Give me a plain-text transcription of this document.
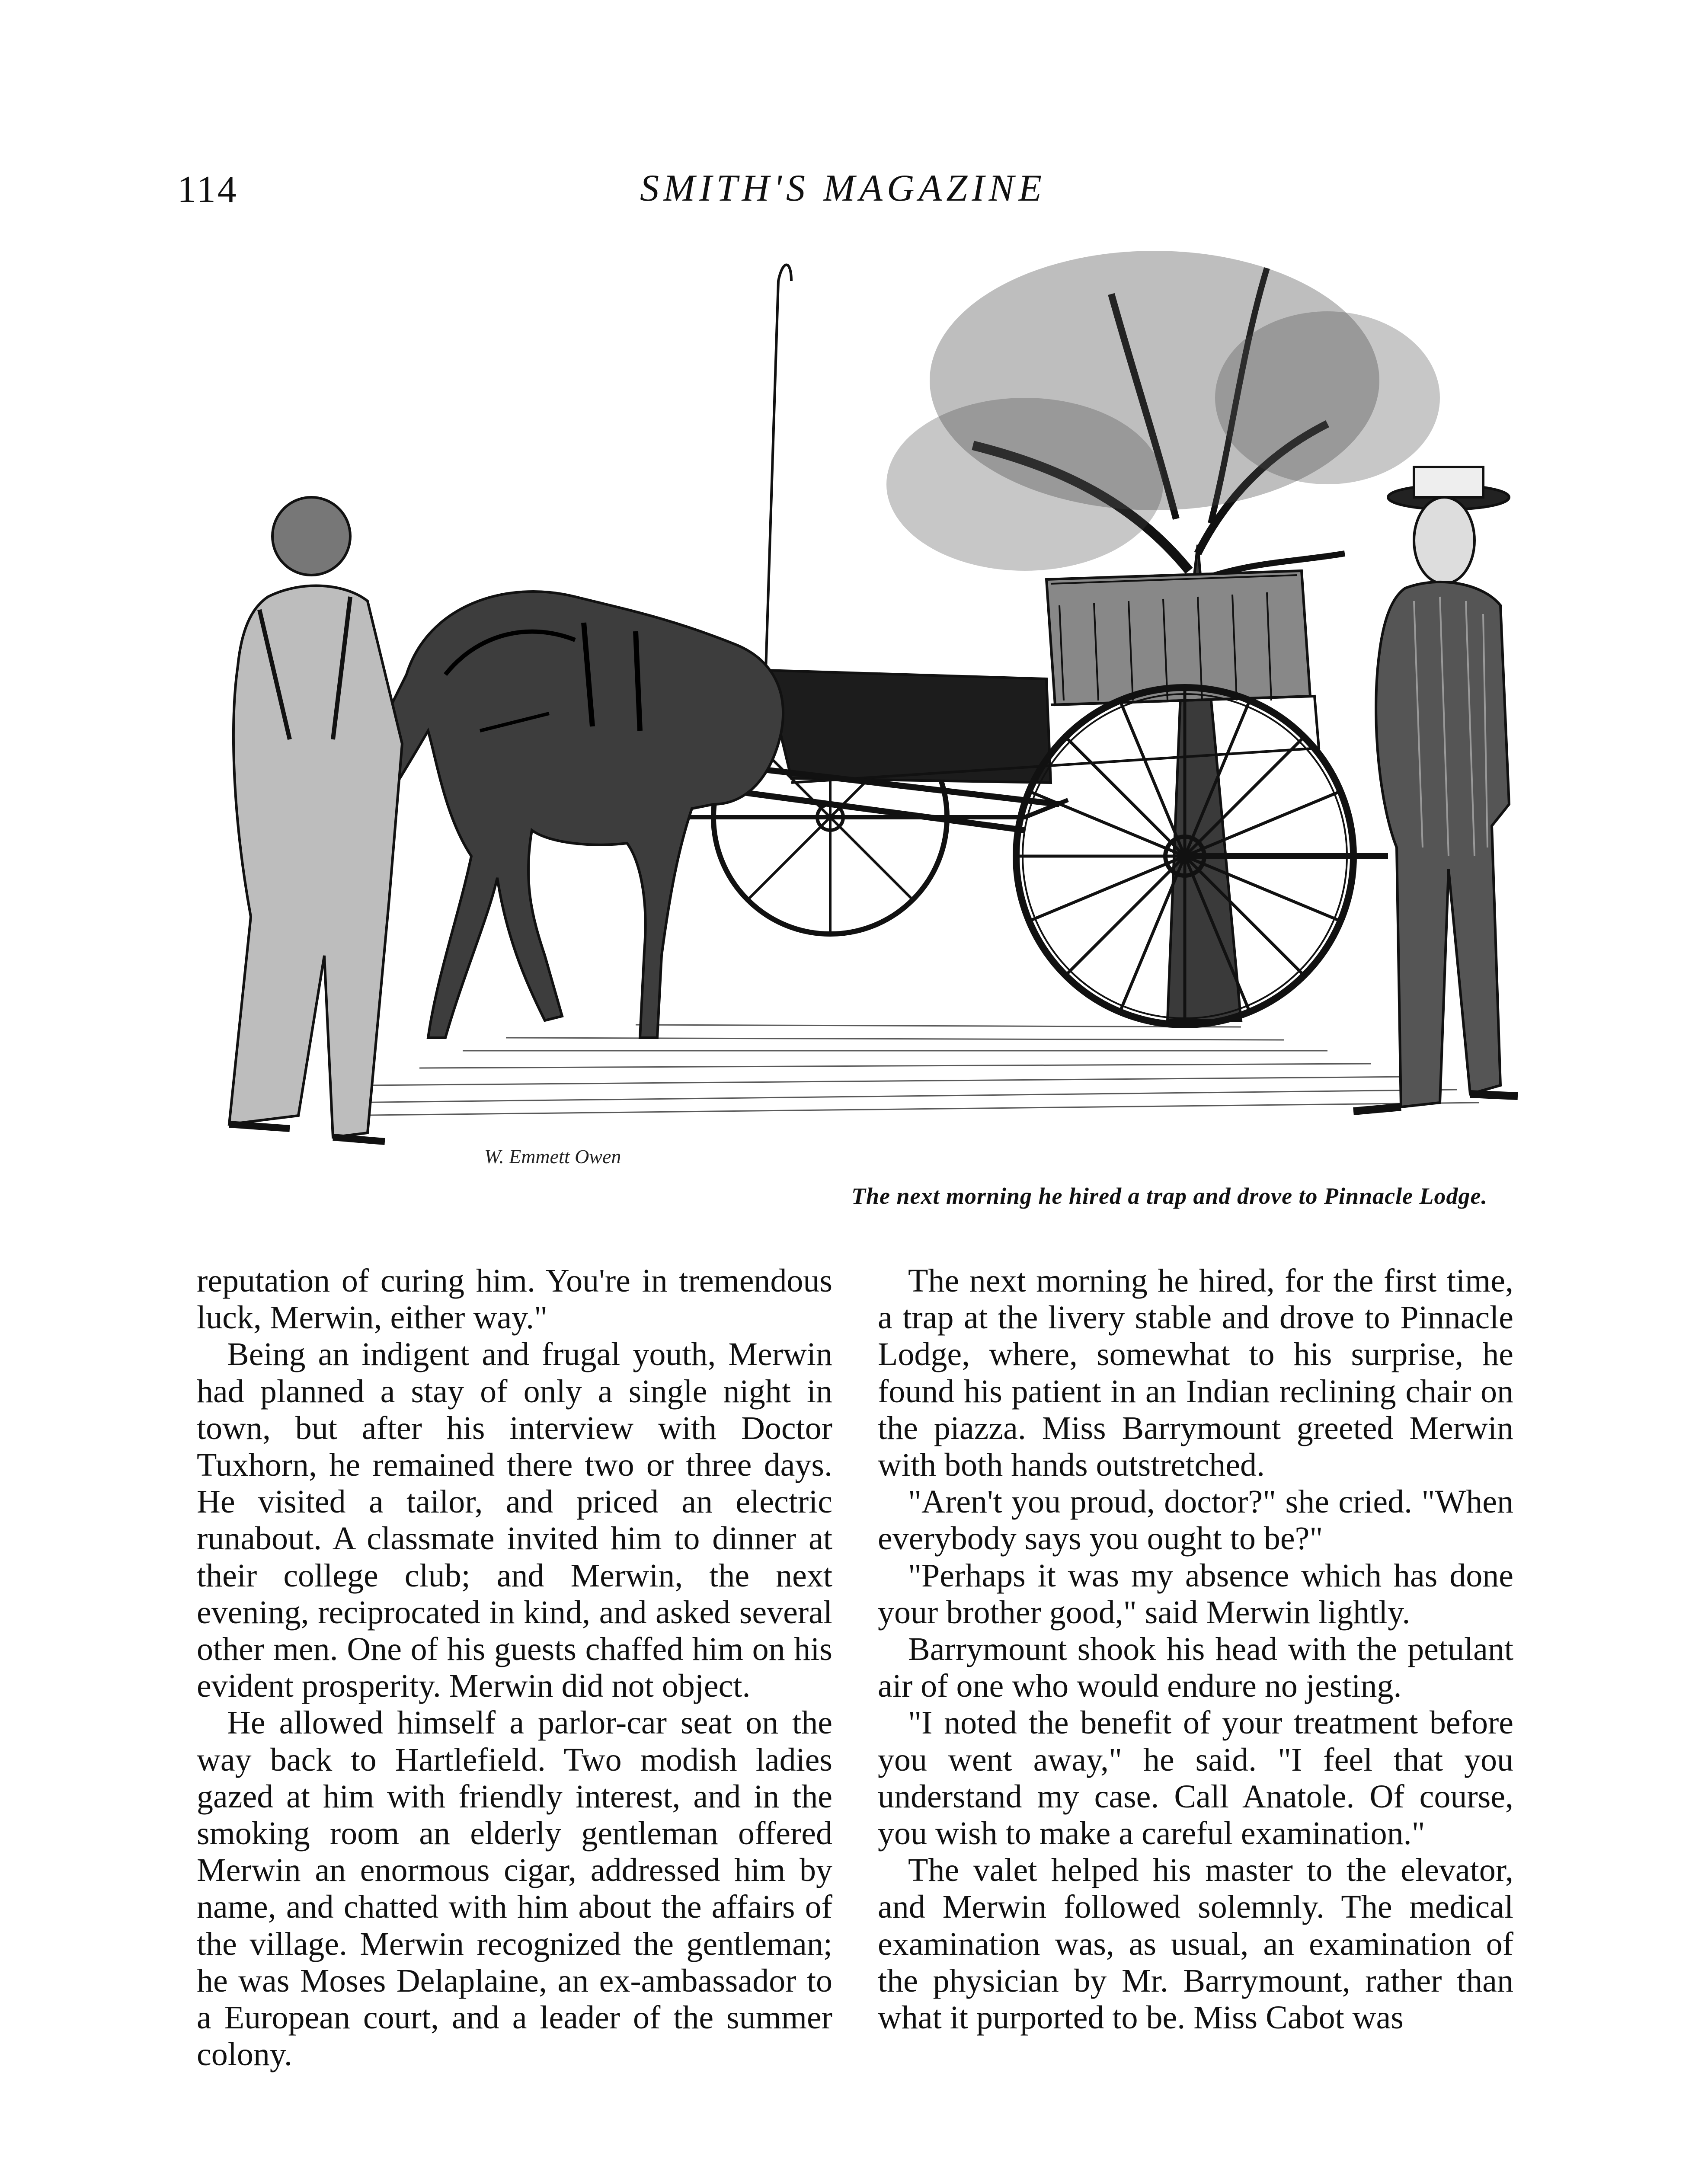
114	SMITH'S MAGAZINE
W. Emmett Owen
The next morning he hired a trap and drove to Pinnacle Lodge.

reputation of curing him. You're in tremendous luck, Merwin, either way."

Being an indigent and frugal youth, Merwin had planned a stay of only a single night in town, but after his interview with Doctor Tuxhorn, he remained there two or three days. He visited a tailor, and priced an electric runabout. A classmate invited him to dinner at their college club; and Merwin, the next evening, reciprocated in kind, and asked several other men. One of his guests chaffed him on his evident prosperity. Merwin did not object.

He allowed himself a parlor-car seat on the way back to Hartlefield. Two modish ladies gazed at him with friendly interest, and in the smoking room an elderly gentleman offered Merwin an enormous cigar, addressed him by name, and chatted with him about the affairs of the village. Merwin recognized the gentleman; he was Moses Delaplaine, an ex-ambassador to a European court, and a leader of the summer colony.

The next morning he hired, for the first time, a trap at the livery stable and drove to Pinnacle Lodge, where, somewhat to his surprise, he found his patient in an Indian reclining chair on the piazza. Miss Barrymount greeted Merwin with both hands outstretched.

"Aren't you proud, doctor?" she cried. "When everybody says you ought to be?"

"Perhaps it was my absence which has done your brother good," said Merwin lightly.

Barrymount shook his head with the petulant air of one who would endure no jesting.

"I noted the benefit of your treatment before you went away," he said. "I feel that you understand my case. Call Anatole. Of course, you wish to make a careful examination."

The valet helped his master to the elevator, and Merwin followed solemnly. The medical examination was, as usual, an examination of the physician by Mr. Barrymount, rather than what it purported to be. Miss Cabot was
